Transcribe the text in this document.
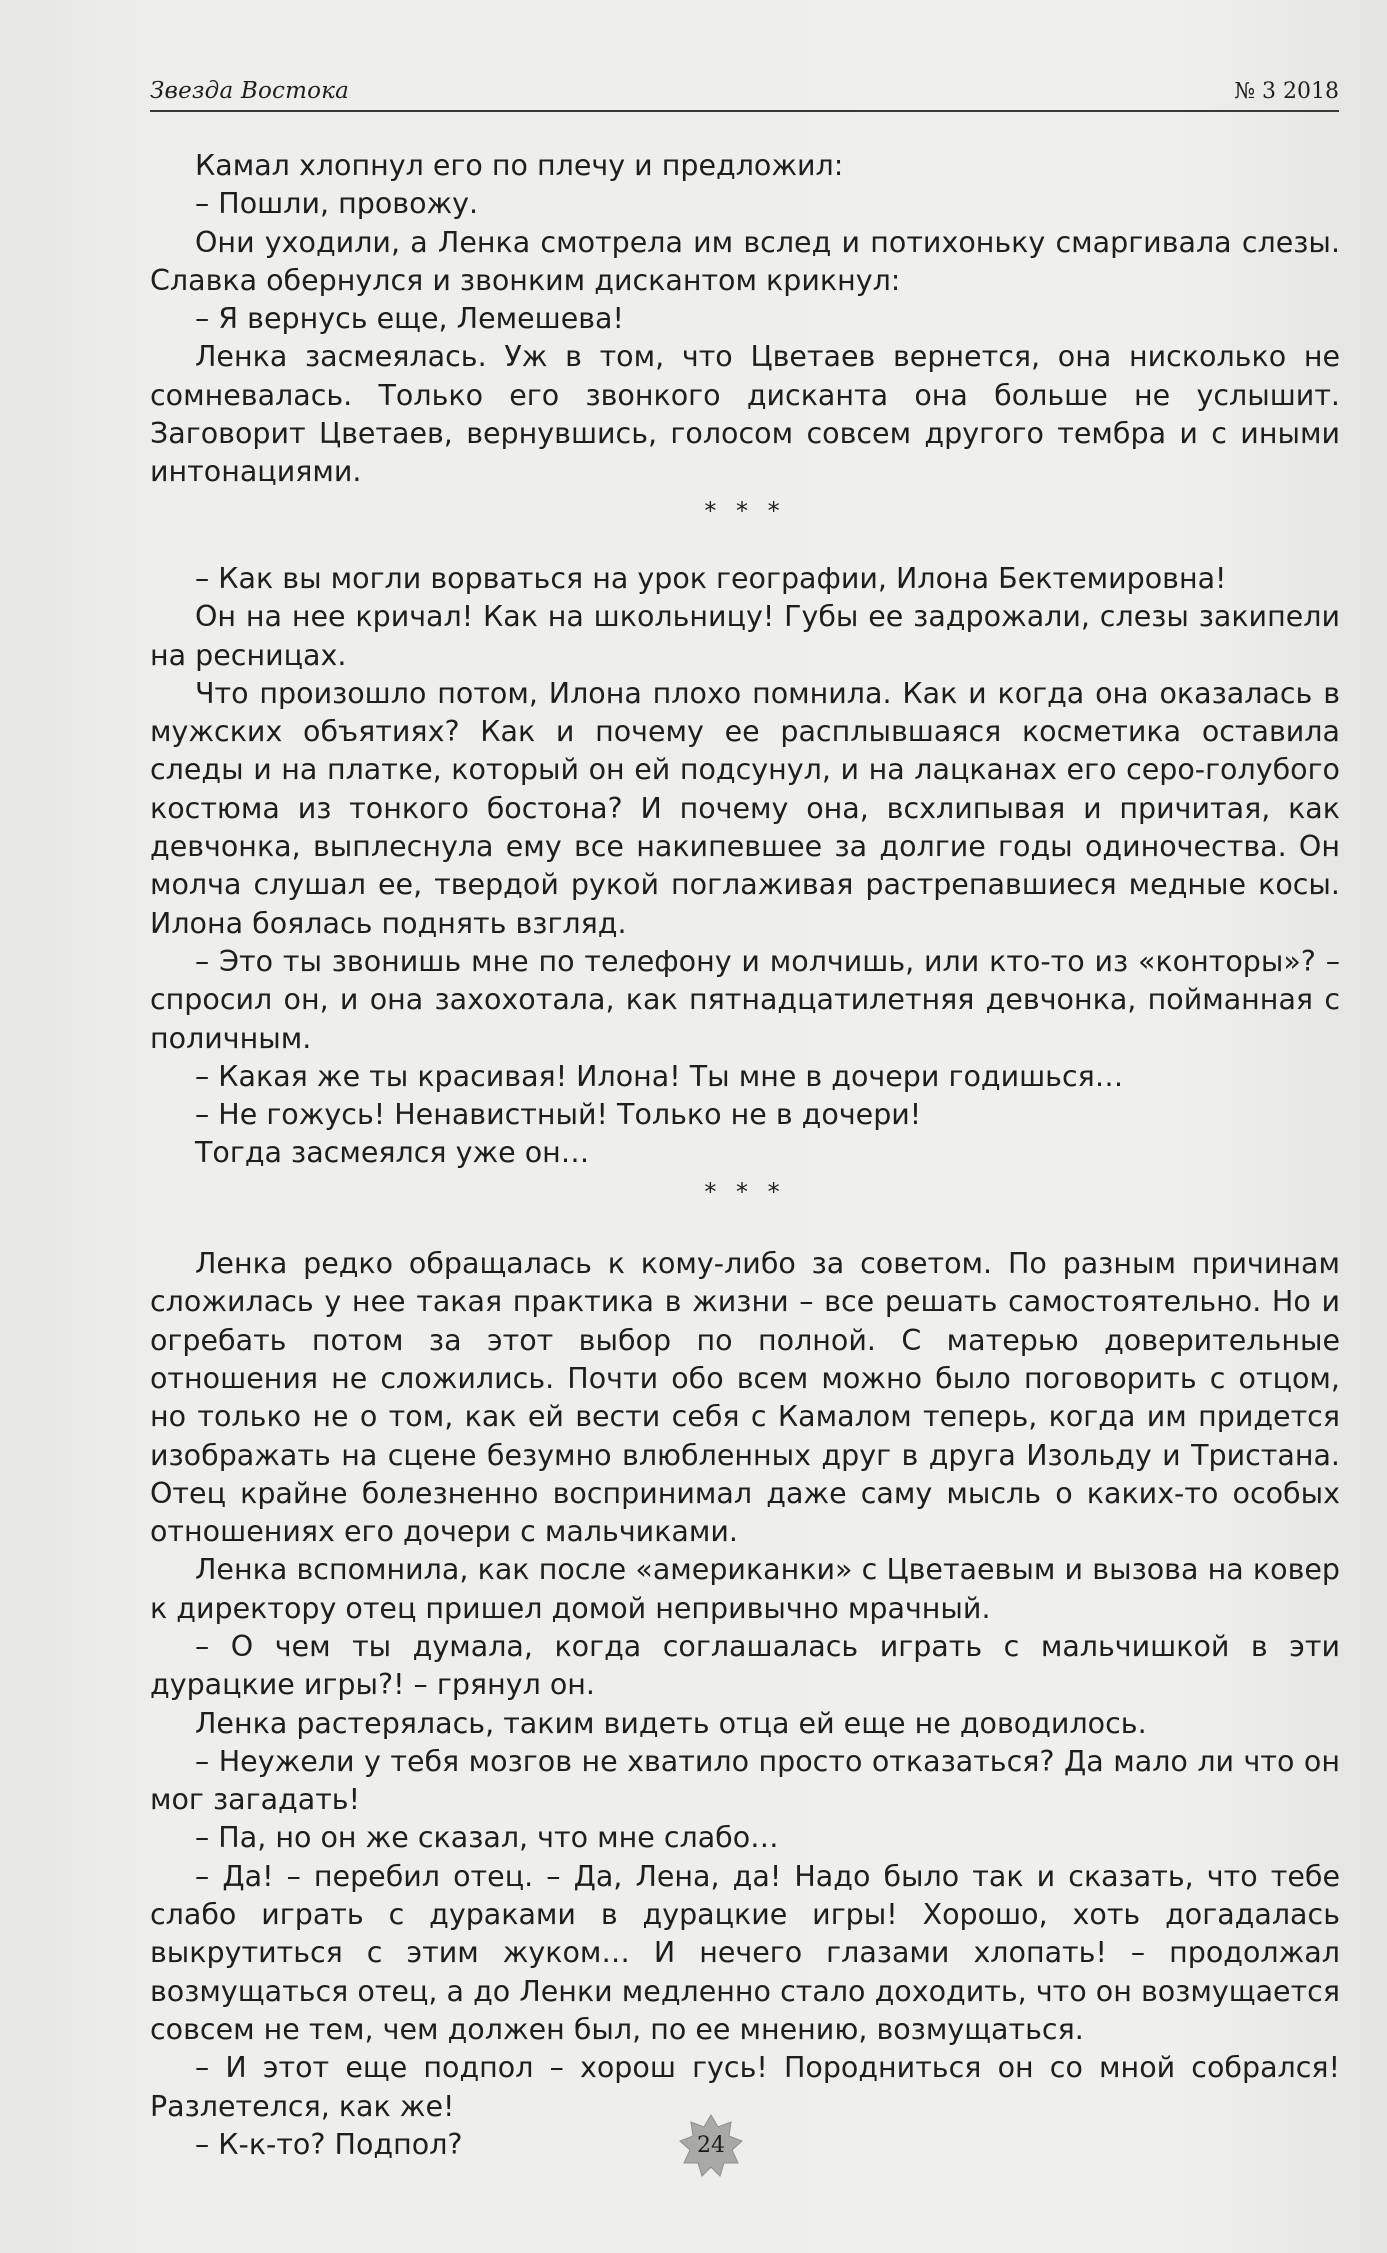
Звезда Востока	№ 3 2018

Камал хлопнул его по плечу и предложил:

– Пошли, провожу.

Они уходили, а Ленка смотрела им вслед и потихоньку смаргивала слезы. Славка обернулся и звонким дискантом крикнул:

– Я вернусь еще, Лемешева!

Ленка засмеялась. Уж в том, что Цветаев вернется, она нисколько не сомневалась. Только его звонкого дисканта она больше не услышит. Заговорит Цветаев, вернувшись, голосом совсем другого тембра и с иными интонациями.

* * *

– Как вы могли ворваться на урок географии, Илона Бектемировна!

Он на нее кричал! Как на школьницу! Губы ее задрожали, слезы закипели на ресницах.

Что произошло потом, Илона плохо помнила. Как и когда она оказалась в мужских объятиях? Как и почему ее расплывшаяся косметика оставила следы и на платке, который он ей подсунул, и на лацканах его серо-голубого костюма из тонкого бостона? И почему она, всхлипывая и причитая, как девчонка, выплеснула ему все накипевшее за долгие годы одиночества. Он молча слушал ее, твердой рукой поглаживая растрепавшиеся медные косы. Илона боялась поднять взгляд.

– Это ты звонишь мне по телефону и молчишь, или кто-то из «конторы»? – спросил он, и она захохотала, как пятнадцатилетняя девчонка, пойманная с поличным.

– Какая же ты красивая! Илона! Ты мне в дочери годишься…

– Не гожусь! Ненавистный! Только не в дочери!

Тогда засмеялся уже он…

* * *

Ленка редко обращалась к кому-либо за советом. По разным причинам сложилась у нее такая практика в жизни – все решать самостоятельно. Но и огребать потом за этот выбор по полной. С матерью доверительные отношения не сложились. Почти обо всем можно было поговорить с отцом, но только не о том, как ей вести себя с Камалом теперь, когда им придется изображать на сцене безумно влюбленных друг в друга Изольду и Тристана. Отец крайне болезненно воспринимал даже саму мысль о каких-то особых отношениях его дочери с мальчиками.

Ленка вспомнила, как после «американки» с Цветаевым и вызова на ковер к директору отец пришел домой непривычно мрачный.

– О чем ты думала, когда соглашалась играть с мальчишкой в эти дурацкие игры?! – грянул он.

Ленка растерялась, таким видеть отца ей еще не доводилось.

– Неужели у тебя мозгов не хватило просто отказаться? Да мало ли что он мог загадать!

– Па, но он же сказал, что мне слабо…

– Да! – перебил отец. – Да, Лена, да! Надо было так и сказать, что тебе слабо играть с дураками в дурацкие игры! Хорошо, хоть догадалась выкрутиться с этим жуком… И нечего глазами хлопать! – продолжал возмущаться отец, а до Ленки медленно стало доходить, что он возмущается совсем не тем, чем должен был, по ее мнению, возмущаться.

– И этот еще подпол – хорош гусь! Породниться он со мной собрался! Разлетелся, как же!

– К-к-то? Подпол?	24
